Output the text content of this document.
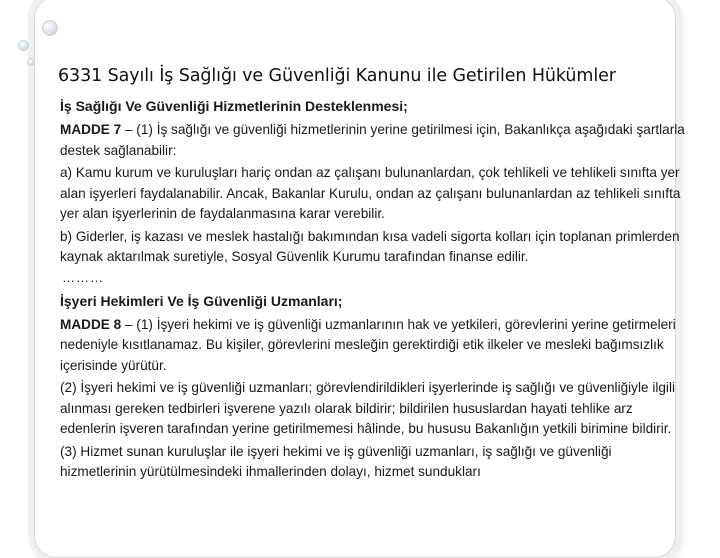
6331 Sayılı İş Sağlığı ve Güvenliği Kanunu ile Getirilen Hükümler
İş Sağlığı Ve Güvenliği Hizmetlerinin Desteklenmesi;

MADDE 7 – (1) İş sağlığı ve güvenliği hizmetlerinin yerine getirilmesi için, Bakanlıkça aşağıdaki şartlarla destek sağlanabilir:

a) Kamu kurum ve kuruluşları hariç ondan az çalışanı bulunanlardan, çok tehlikeli ve tehlikeli sınıfta yer alan işyerleri faydalanabilir. Ancak, Bakanlar Kurulu, ondan az çalışanı bulunanlardan az tehlikeli sınıfta yer alan işyerlerinin de faydalanmasına karar verebilir.

b) Giderler, iş kazası ve meslek hastalığı bakımından kısa vadeli sigorta kolları için toplanan primlerden kaynak aktarılmak suretiyle, Sosyal Güvenlik Kurumu tarafından finanse edilir.

………
İşyeri Hekimleri Ve İş Güvenliği Uzmanları;

MADDE 8 – (1) İşyeri hekimi ve iş güvenliği uzmanlarının hak ve yetkileri, görevlerini yerine getirmeleri nedeniyle kısıtlanamaz. Bu kişiler, görevlerini mesleğin gerektirdiği etik ilkeler ve mesleki bağımsızlık içerisinde yürütür.

(2) İşyeri hekimi ve iş güvenliği uzmanları; görevlendirildikleri işyerlerinde iş sağlığı ve güvenliğiyle ilgili alınması gereken tedbirleri işverene yazılı olarak bildirir; bildirilen hususlardan hayati tehlike arz edenlerin işveren tarafından yerine getirilmemesi hâlinde, bu hususu Bakanlığın yetkili birimine bildirir.

(3) Hizmet sunan kuruluşlar ile işyeri hekimi ve iş güvenliği uzmanları, iş sağlığı ve güvenliği hizmetlerinin yürütülmesindeki ihmallerinden dolayı, hizmet sundukları
